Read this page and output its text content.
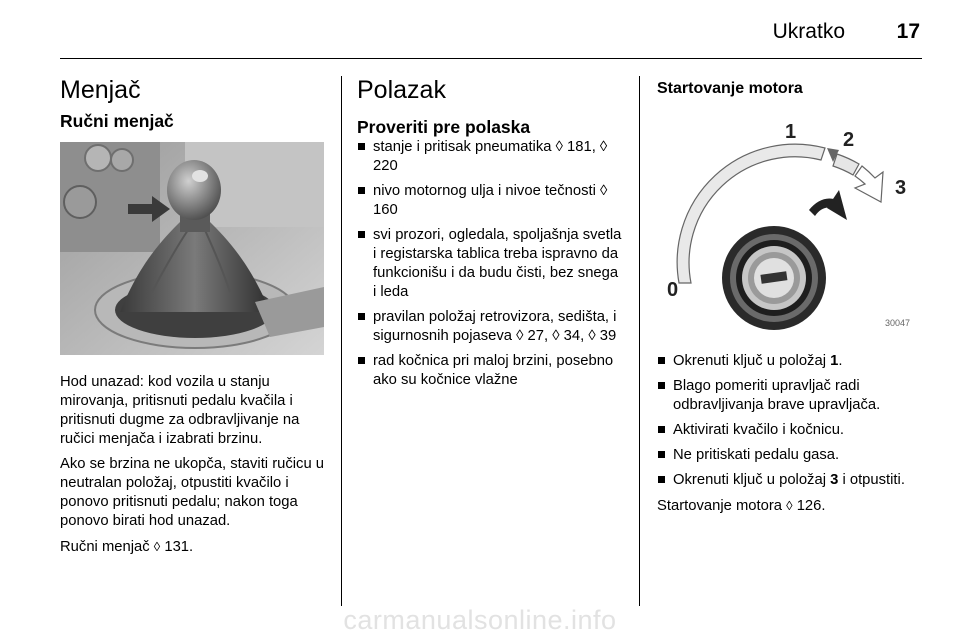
Ukratko 17
Menjač
Ručni menjač

Hod unazad: kod vozila u stanju mirovanja, pritisnuti pedalu kvačila i pritisnuti dugme za odbravljivanje na ručici menjača i izabrati brzinu.

Ako se brzina ne ukopča, staviti ručicu u neutralan položaj, otpustiti kvačilo i ponovo pritisnuti pedalu; nakon toga ponovo birati hod unazad.

Ručni menjač ◊ 131.

Polazak
Proveriti pre polaska
stanje i pritisak pneumatika ◊ 181, ◊ 220
nivo motornog ulja i nivoe tečnosti ◊ 160
svi prozori, ogledala, spoljašnja svetla i registarska tablica treba ispravno da funkcionišu i da budu čisti, bez snega i leda
pravilan položaj retrovizora, sedišta, i sigurnosnih pojaseva ◊ 27, ◊ 34, ◊ 39
rad kočnica pri maloj brzini, posebno ako su kočnice vlažne
Startovanje motora
0
1 2
3
30047
Okrenuti ključ u položaj 1.
Blago pomeriti upravljač radi odbravljivanja brave upravljača.
Aktivirati kvačilo i kočnicu.
Ne pritiskati pedalu gasa.
Okrenuti ključ u položaj 3 i otpustiti.

Startovanje motora ◊ 126.

carmanualsonline.info
